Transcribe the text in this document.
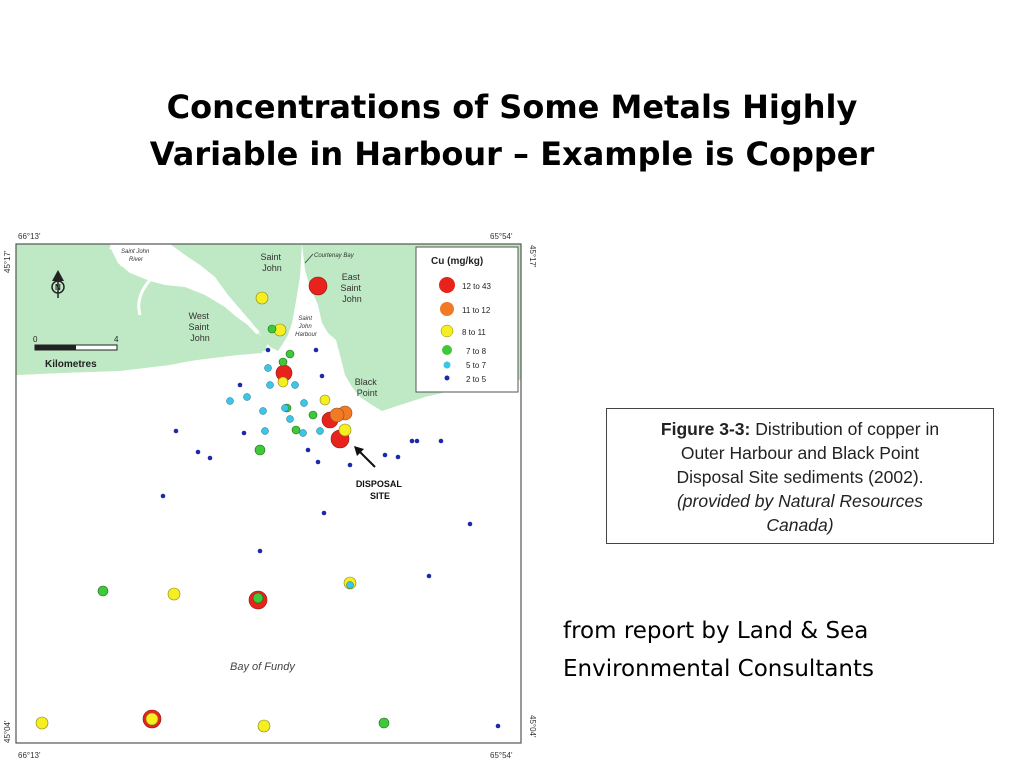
Concentrations of Some Metals Highly
Variable in Harbour – Example is Copper
66°13'	65°54'
66°13'	65°54'
45°17'	45°17'
45°04'	45°04'
N
0	4
Kilometres
Saint John River	Saint John
Courtenay Bay
East Saint John
West Saint John
Saint John Harbour
Black Point
DISPOSAL SITE
Bay of Fundy
Cu (mg/kg)
12 to 43
11 to 12
8 to 11
7 to 8
5 to 7
2 to 5
Figure 3-3: Distribution of copper in
Outer Harbour and Black Point
Disposal Site sediments (2002).
(provided by Natural Resources
Canada)
from report by Land & Sea
Environmental Consultants
